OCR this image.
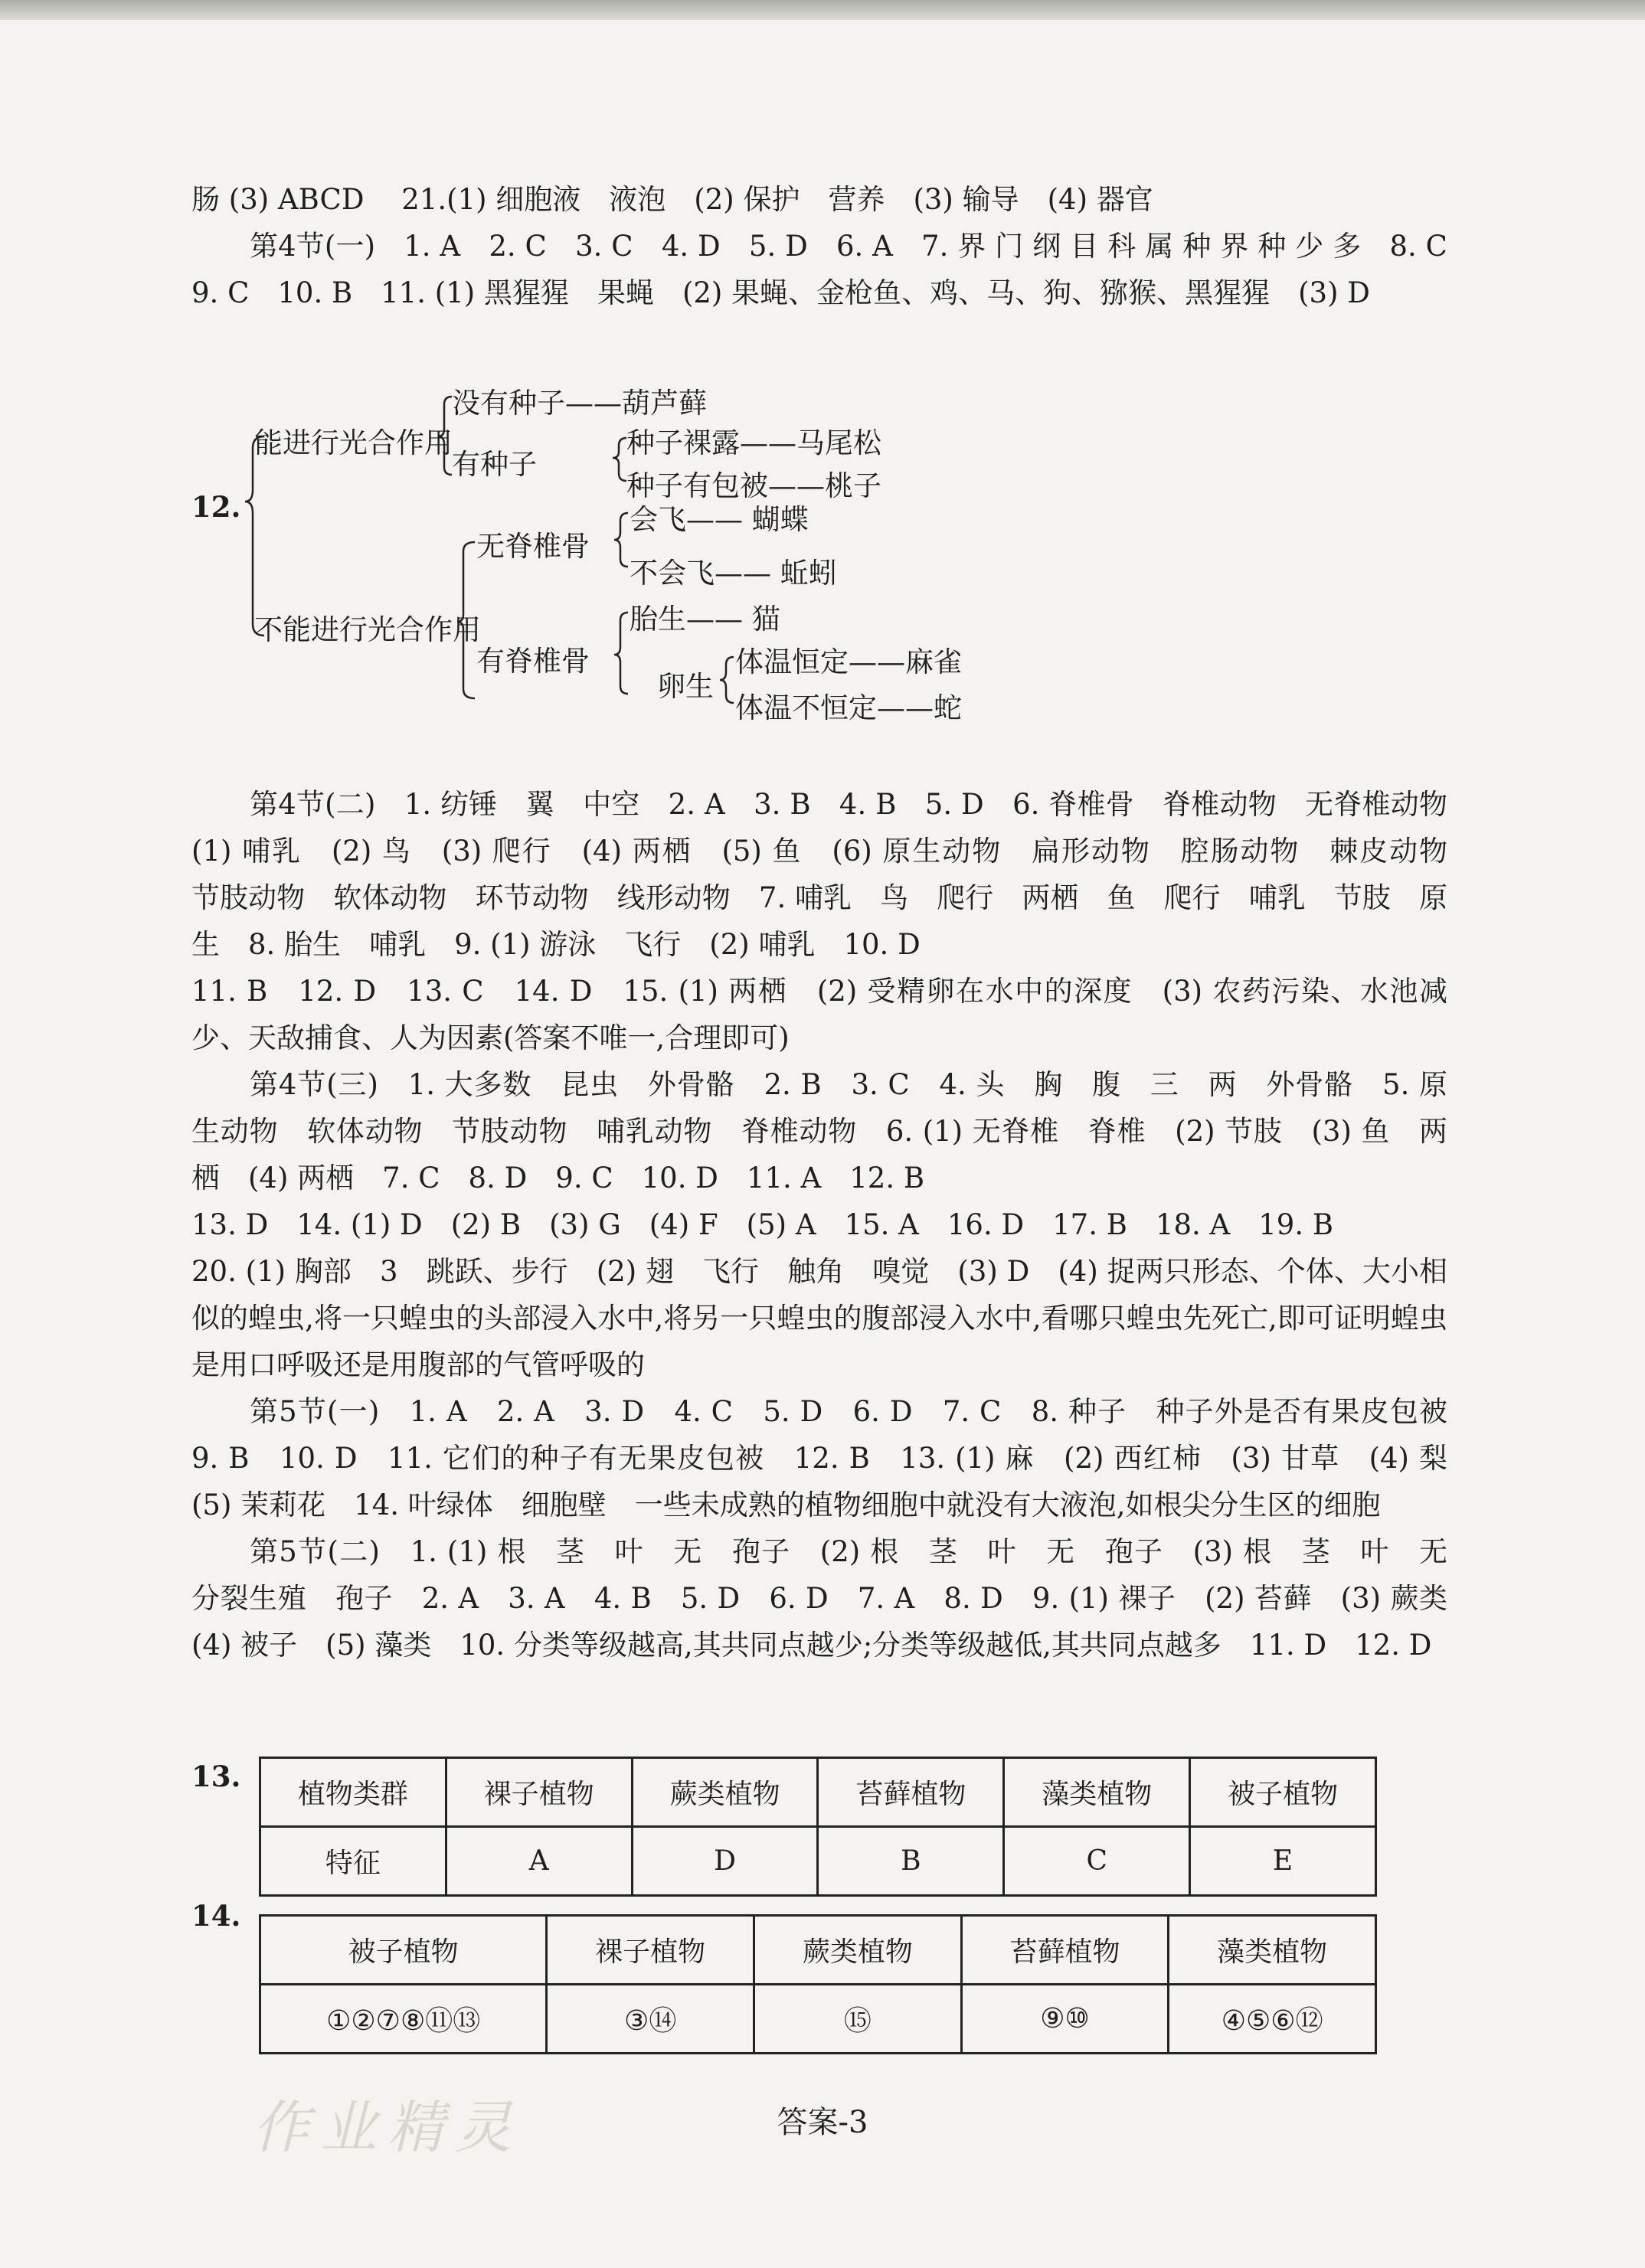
肠 (3) ABCD　 21.(1) 细胞液　液泡　(2) 保护　营养　(3) 输导　(4) 器官

第4节(一)　1. A　2. C　3. C　4. D　5. D　6. A　7. 界 门 纲 目 科 属 种 界 种 少 多　8. C　9. C　10. B　11. (1) 黑猩猩　果蝇　(2) 果蝇、金枪鱼、鸡、马、狗、猕猴、黑猩猩　(3) D

12.
能进行光合作用
不能进行光合作用
没有种子——葫芦藓
有种子
种子裸露——马尾松
种子有包被——桃子
无脊椎骨
有脊椎骨
会飞—— 蝴蝶
不会飞—— 蚯蚓
胎生—— 猫
卵生
体温恒定——麻雀
体温不恒定——蛇

第4节(二)　1. 纺锤　翼　中空　2. A　3. B　4. B　5. D　6. 脊椎骨　脊椎动物　无脊椎动物　(1) 哺乳　(2) 鸟　(3) 爬行　(4) 两栖　(5) 鱼　(6) 原生动物　扁形动物　腔肠动物　棘皮动物　节肢动物　软体动物　环节动物　线形动物　7. 哺乳　鸟　爬行　两栖　鱼　爬行　哺乳　节肢　原生　8. 胎生　哺乳　9. (1) 游泳　飞行　(2) 哺乳　10. D

11. B　12. D　13. C　14. D　15. (1) 两栖　(2) 受精卵在水中的深度　(3) 农药污染、水池减少、天敌捕食、人为因素(答案不唯一,合理即可)

第4节(三)　1. 大多数　昆虫　外骨骼　2. B　3. C　4. 头　胸　腹　三　两　外骨骼　5. 原生动物　软体动物　节肢动物　哺乳动物　脊椎动物　6. (1) 无脊椎　脊椎　(2) 节肢　(3) 鱼　两栖　(4) 两栖　7. C　8. D　9. C　10. D　11. A　12. B

13. D　14. (1) D　(2) B　(3) G　(4) F　(5) A　15. A　16. D　17. B　18. A　19. B

20. (1) 胸部　3　跳跃、步行　(2) 翅　飞行　触角　嗅觉　(3) D　(4) 捉两只形态、个体、大小相似的蝗虫,将一只蝗虫的头部浸入水中,将另一只蝗虫的腹部浸入水中,看哪只蝗虫先死亡,即可证明蝗虫是用口呼吸还是用腹部的气管呼吸的

第5节(一)　1. A　2. A　3. D　4. C　5. D　6. D　7. C　8. 种子　种子外是否有果皮包被　9. B　10. D　11. 它们的种子有无果皮包被　12. B　13. (1) 麻　(2) 西红柿　(3) 甘草　(4) 梨　(5) 茉莉花　14. 叶绿体　细胞壁　一些未成熟的植物细胞中就没有大液泡,如根尖分生区的细胞

第5节(二)　1. (1) 根　茎　叶　无　孢子　(2) 根　茎　叶　无　孢子　(3) 根　茎　叶　无　分裂生殖　孢子　2. A　3. A　4. B　5. D　6. D　7. A　8. D　9. (1) 裸子　(2) 苔藓　(3) 蕨类　(4) 被子　(5) 藻类　10. 分类等级越高,其共同点越少;分类等级越低,其共同点越多　11. D　12. D

13.
植物类群	裸子植物	蕨类植物	苔藓植物	藻类植物	被子植物
特征	A	D	B	C	E
14.
被子植物	裸子植物	蕨类植物	苔藓植物	藻类植物
①②⑦⑧⑪⑬	③⑭	⑮	⑨⑩	④⑤⑥⑫
作业精灵	答案-3
